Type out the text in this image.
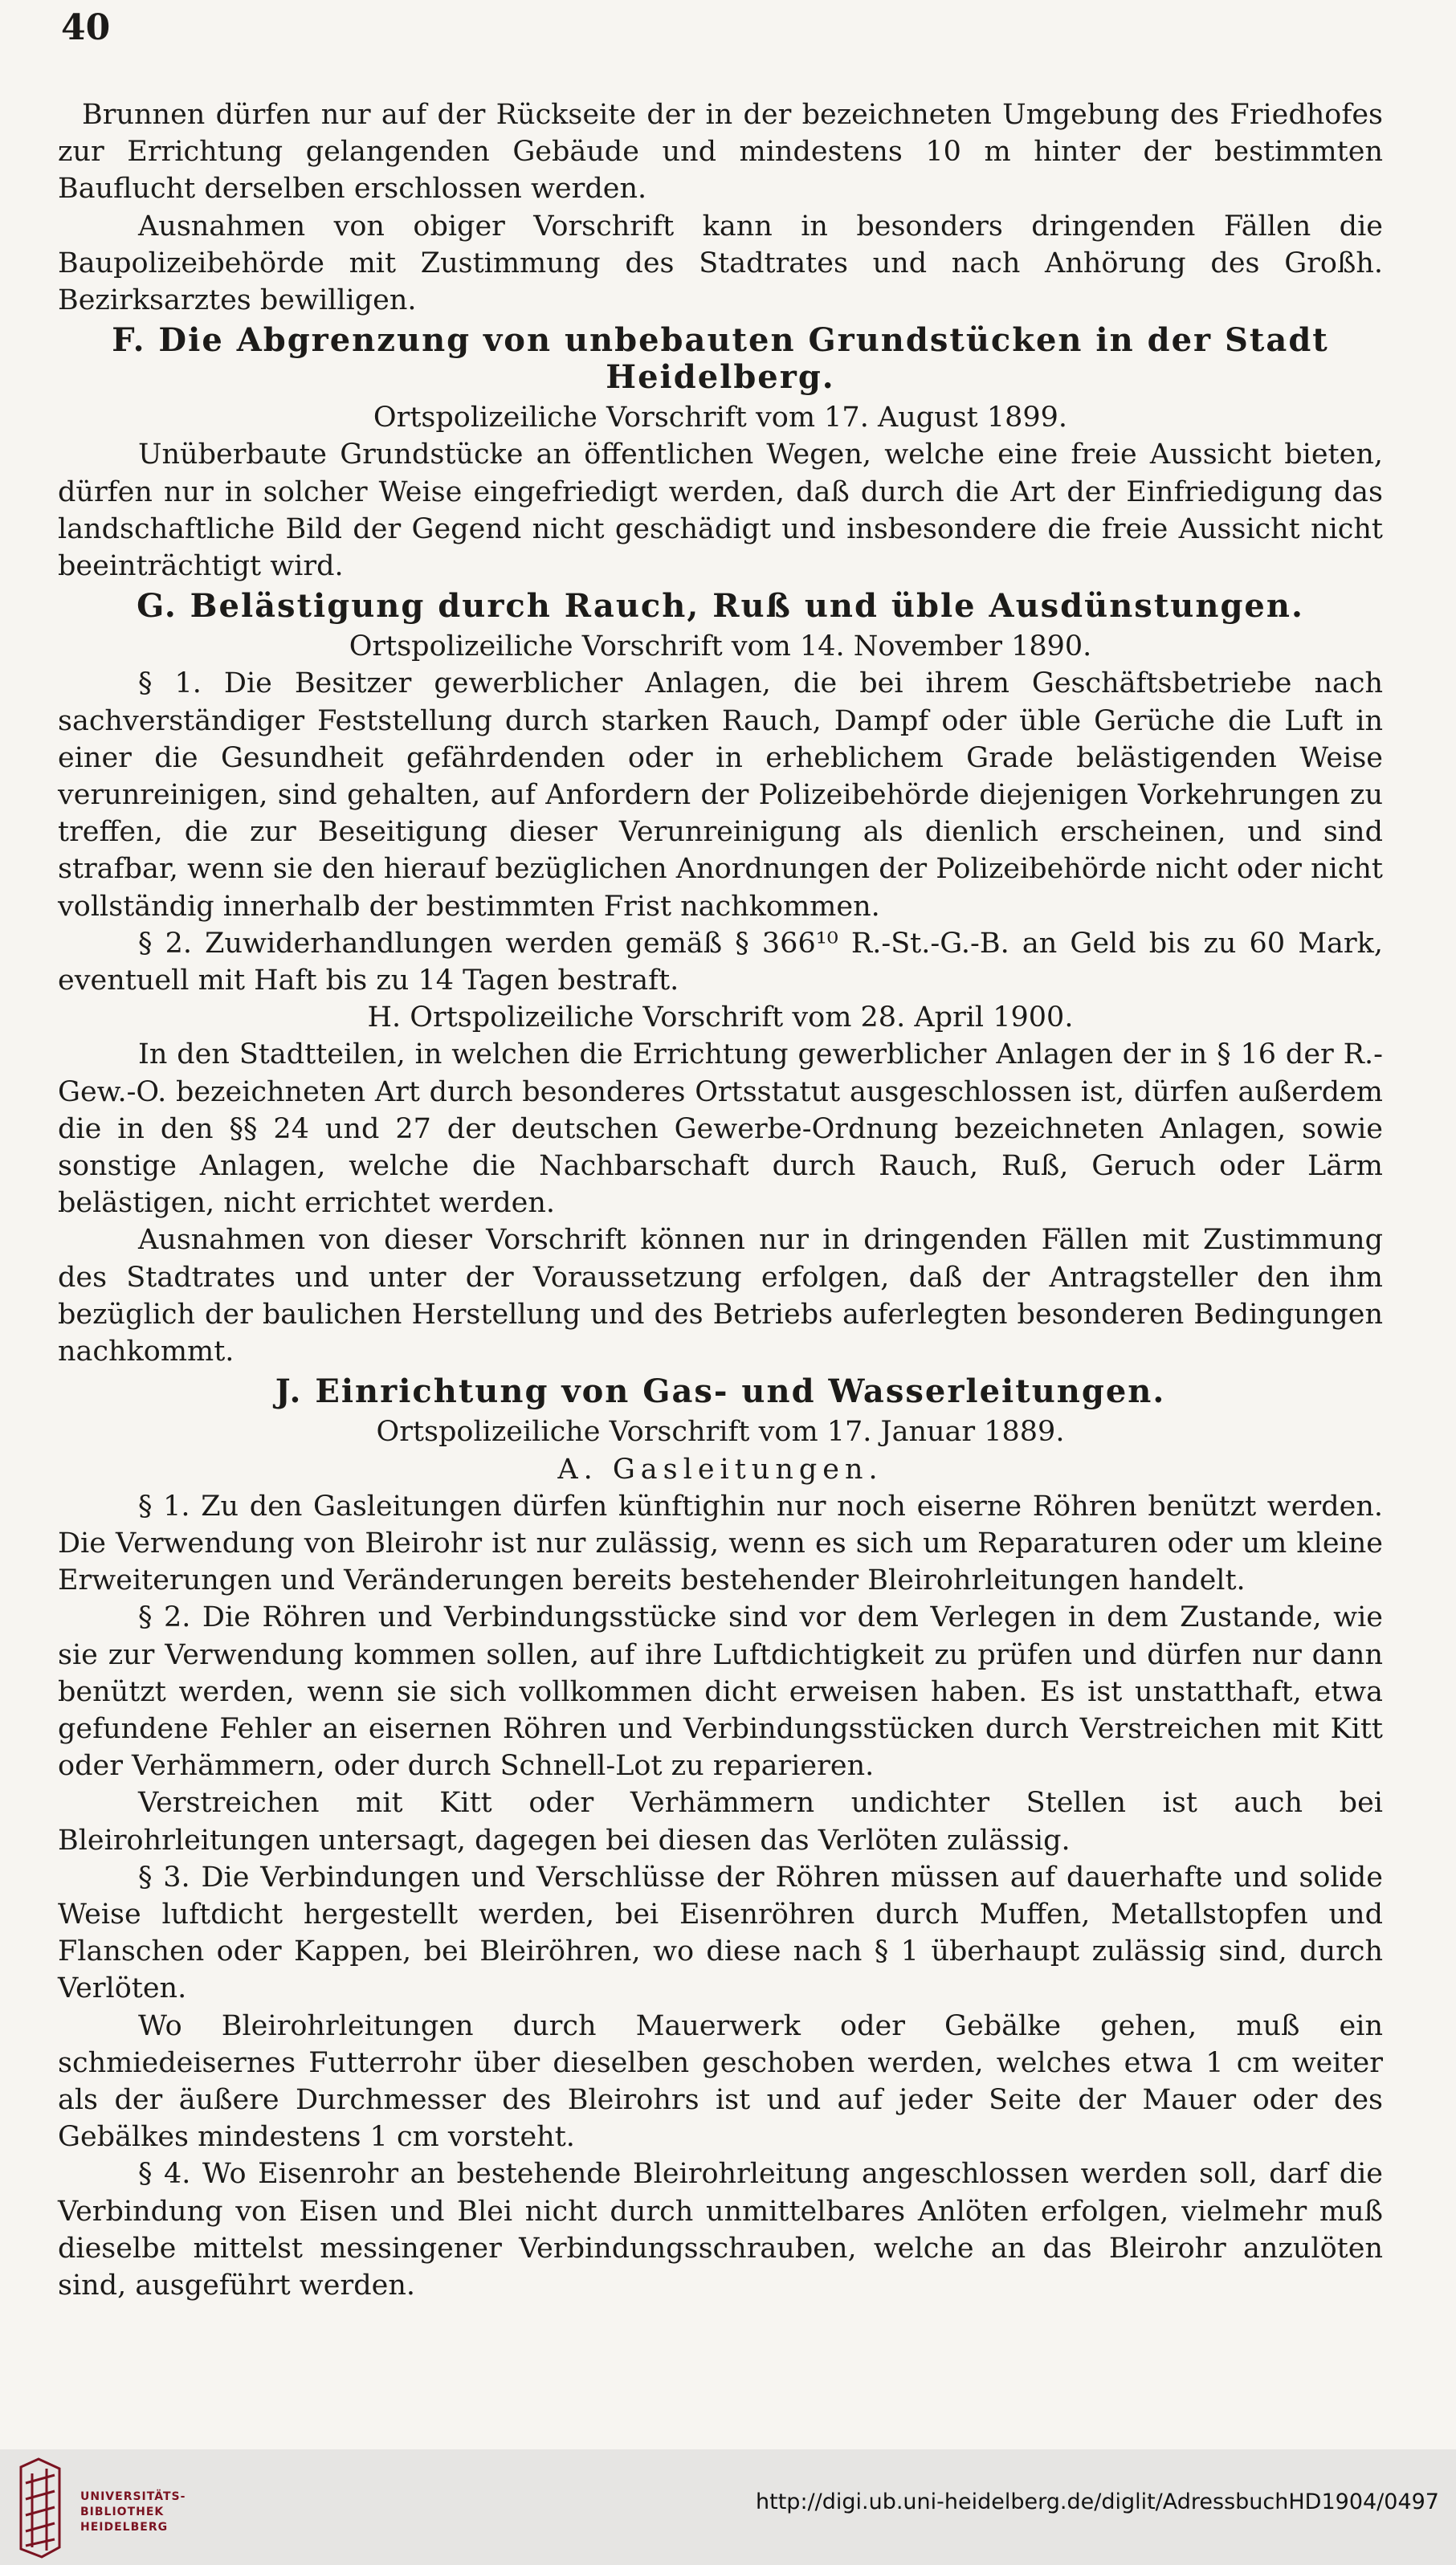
40
Brunnen dürfen nur auf der Rückseite der in der bezeichneten Umgebung des Friedhofes zur Errichtung gelangenden Gebäude und mindestens 10 m hinter der bestimmten Bauflucht derselben erschlossen werden.
Ausnahmen von obiger Vorschrift kann in besonders dringenden Fällen die Baupolizeibehörde mit Zustimmung des Stadtrates und nach Anhörung des Großh. Bezirksarztes bewilligen.
F. Die Abgrenzung von unbebauten Grundstücken in der Stadt Heidelberg.
Ortspolizeiliche Vorschrift vom 17. August 1899.
Unüberbaute Grundstücke an öffentlichen Wegen, welche eine freie Aussicht bieten, dürfen nur in solcher Weise eingefriedigt werden, daß durch die Art der Einfriedigung das landschaftliche Bild der Gegend nicht geschädigt und insbesondere die freie Aussicht nicht beeinträchtigt wird.
G. Belästigung durch Rauch, Ruß und üble Ausdünstungen.
Ortspolizeiliche Vorschrift vom 14. November 1890.
§ 1. Die Besitzer gewerblicher Anlagen, die bei ihrem Geschäftsbetriebe nach sachverständiger Feststellung durch starken Rauch, Dampf oder üble Gerüche die Luft in einer die Gesundheit gefährdenden oder in erheblichem Grade belästigenden Weise verunreinigen, sind gehalten, auf Anfordern der Polizeibehörde diejenigen Vorkehrungen zu treffen, die zur Beseitigung dieser Verunreinigung als dienlich erscheinen, und sind strafbar, wenn sie den hierauf bezüglichen Anordnungen der Polizeibehörde nicht oder nicht vollständig innerhalb der bestimmten Frist nachkommen.
§ 2. Zuwiderhandlungen werden gemäß § 366¹⁰ R.-St.-G.-B. an Geld bis zu 60 Mark, eventuell mit Haft bis zu 14 Tagen bestraft.
H. Ortspolizeiliche Vorschrift vom 28. April 1900.
In den Stadtteilen, in welchen die Errichtung gewerblicher Anlagen der in § 16 der R.-Gew.-O. bezeichneten Art durch besonderes Ortsstatut ausgeschlossen ist, dürfen außerdem die in den §§ 24 und 27 der deutschen Gewerbe-Ordnung bezeichneten Anlagen, sowie sonstige Anlagen, welche die Nachbarschaft durch Rauch, Ruß, Geruch oder Lärm belästigen, nicht errichtet werden.
Ausnahmen von dieser Vorschrift können nur in dringenden Fällen mit Zustimmung des Stadtrates und unter der Voraussetzung erfolgen, daß der Antragsteller den ihm bezüglich der baulichen Herstellung und des Betriebs auferlegten besonderen Bedingungen nachkommt.
J. Einrichtung von Gas- und Wasserleitungen.
Ortspolizeiliche Vorschrift vom 17. Januar 1889.
A. Gasleitungen.
§ 1. Zu den Gasleitungen dürfen künftighin nur noch eiserne Röhren benützt werden. Die Verwendung von Bleirohr ist nur zulässig, wenn es sich um Reparaturen oder um kleine Erweiterungen und Veränderungen bereits bestehender Bleirohrleitungen handelt.
§ 2. Die Röhren und Verbindungsstücke sind vor dem Verlegen in dem Zustande, wie sie zur Verwendung kommen sollen, auf ihre Luftdichtigkeit zu prüfen und dürfen nur dann benützt werden, wenn sie sich vollkommen dicht erweisen haben. Es ist unstatthaft, etwa gefundene Fehler an eisernen Röhren und Verbindungsstücken durch Verstreichen mit Kitt oder Verhämmern, oder durch Schnell-Lot zu reparieren.
Verstreichen mit Kitt oder Verhämmern undichter Stellen ist auch bei Bleirohrleitungen untersagt, dagegen bei diesen das Verlöten zulässig.
§ 3. Die Verbindungen und Verschlüsse der Röhren müssen auf dauerhafte und solide Weise luftdicht hergestellt werden, bei Eisenröhren durch Muffen, Metallstopfen und Flanschen oder Kappen, bei Bleiröhren, wo diese nach § 1 überhaupt zulässig sind, durch Verlöten.
Wo Bleirohrleitungen durch Mauerwerk oder Gebälke gehen, muß ein schmiedeisernes Futterrohr über dieselben geschoben werden, welches etwa 1 cm weiter als der äußere Durchmesser des Bleirohrs ist und auf jeder Seite der Mauer oder des Gebälkes mindestens 1 cm vorsteht.
§ 4. Wo Eisenrohr an bestehende Bleirohrleitung angeschlossen werden soll, darf die Verbindung von Eisen und Blei nicht durch unmittelbares Anlöten erfolgen, vielmehr muß dieselbe mittelst messingener Verbindungsschrauben, welche an das Bleirohr anzulöten sind, ausgeführt werden.
UNIVERSITÄTS-
BIBLIOTHEK
HEIDELBERG
http://digi.ub.uni-heidelberg.de/diglit/AdressbuchHD1904/0497
